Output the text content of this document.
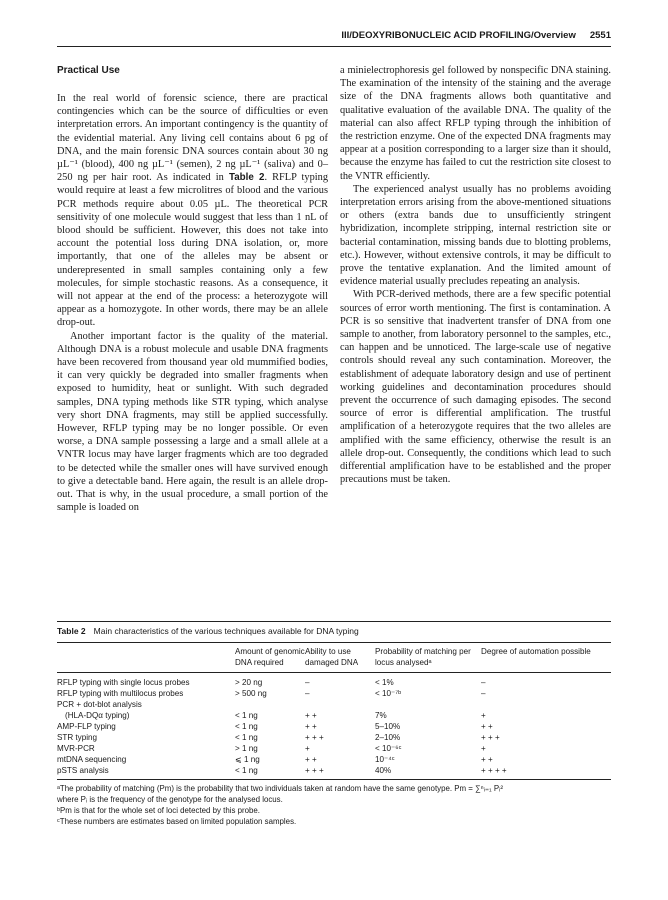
III/DEOXYRIBONUCLEIC ACID PROFILING/Overview 2551
Practical Use

In the real world of forensic science, there are practical contingencies which can be the source of difficulties or even interpretation errors. An important contingency is the quantity of the evidential material. Any living cell contains about 6 pg of DNA, and the main forensic DNA sources contain about 30 ng µL⁻¹ (blood), 400 ng µL⁻¹ (semen), 2 ng µL⁻¹ (saliva) and 0–250 ng per hair root. As indicated in Table 2. RFLP typing would require at least a few microlitres of blood and the various PCR methods require about 0.05 µL. The theoretical PCR sensitivity of one molecule would suggest that less than 1 nL of blood should be sufficient. However, this does not take into account the potential loss during DNA isolation, or, more importantly, that one of the alleles may be absent or underepresented in small samples containing only a few molecules, for simple stochastic reasons. As a consequence, it will not appear at the end of the process: a heterozygote will appear as a homozygote. In other words, there may be an allele drop-out.

Another important factor is the quality of the material. Although DNA is a robust molecule and usable DNA fragments have been recovered from thousand year old mummified bodies, it can very quickly be degraded into smaller fragments when exposed to humidity, heat or sunlight. With such degraded samples, DNA typing methods like STR typing, which analyse very short DNA fragments, may still be applied successfully. However, RFLP typing may be no longer possible. Or even worse, a DNA sample possessing a large and a small allele at a VNTR locus may have larger fragments which are too degraded to be detected while the smaller ones will have survived enough to give a detectable band. Here again, the result is an allele drop-out. That is why, in the usual procedure, a small portion of the sample is loaded on

a minielectrophoresis gel followed by nonspecific DNA staining. The examination of the intensity of the staining and the average size of the DNA fragments allows both quantitative and qualitative evaluation of the available DNA. The quality of the material can also affect RFLP typing through the inhibition of the restriction enzyme. One of the expected DNA fragments may appear at a position corresponding to a larger size than it should, because the enzyme has failed to cut the restriction site closest to the VNTR efficiently.

The experienced analyst usually has no problems avoiding interpretation errors arising from the above-mentioned situations or others (extra bands due to unsufficiently stringent hybridization, incomplete stripping, internal restriction site or bacterial contamination, missing bands due to blotting problems, etc.). However, without extensive controls, it may be difficult to prove the tentative explanation. And the limited amount of evidence material usually precludes repeating an analysis.

With PCR-derived methods, there are a few specific potential sources of error worth mentioning. The first is contamination. A PCR is so sensitive that inadvertent transfer of DNA from one sample to another, from laboratory personnel to the samples, etc., can happen and be unnoticed. The large-scale use of negative controls should reveal any such contamination. Moreover, the establishment of adequate laboratory design and use of pertinent working guidelines and decontamination procedures should prevent the occurrence of such damaging episodes. The second source of error is differential amplification. The trustful amplification of a heterozygote requires that the two alleles are amplified with the same efficiency, otherwise the result is an allele drop-out. Consequently, the conditions which lead to such differential amplification have to be established and the proper precautions must be taken.

Table 2 Main characteristics of the various techniques available for DNA typing
	Amount of genomic DNA required	Ability to use damaged DNA	Probability of matching per locus analysedᵃ	Degree of automation possible

RFLP typing with single locus probes	> 20 ng	–	< 1%	–
RFLP typing with multilocus probes	> 500 ng	–	< 10⁻⁷ᵇ	–
PCR + dot-blot analysis				
(HLA-DQα typing)	< 1 ng	+ +	7%	+
AMP-FLP typing	< 1 ng	+ +	5–10%	+ +
STR typing	< 1 ng	+ + +	2–10%	+ + +
MVR-PCR	> 1 ng	+	< 10⁻⁶ᶜ	+
mtDNA sequencing	⩽ 1 ng	+ +	10⁻⁴ᶜ	+ +
pSTS analysis	< 1 ng	+ + +	40%	+ + + +

ᵃThe probability of matching (Pm) is the probability that two individuals taken at random have the same genotype. Pm = ∑ⁿᵢ₌₁ Pᵢ²

where Pᵢ is the frequency of the genotype for the analysed locus.

ᵇPm is that for the whole set of loci detected by this probe.

ᶜThese numbers are estimates based on limited population samples.
